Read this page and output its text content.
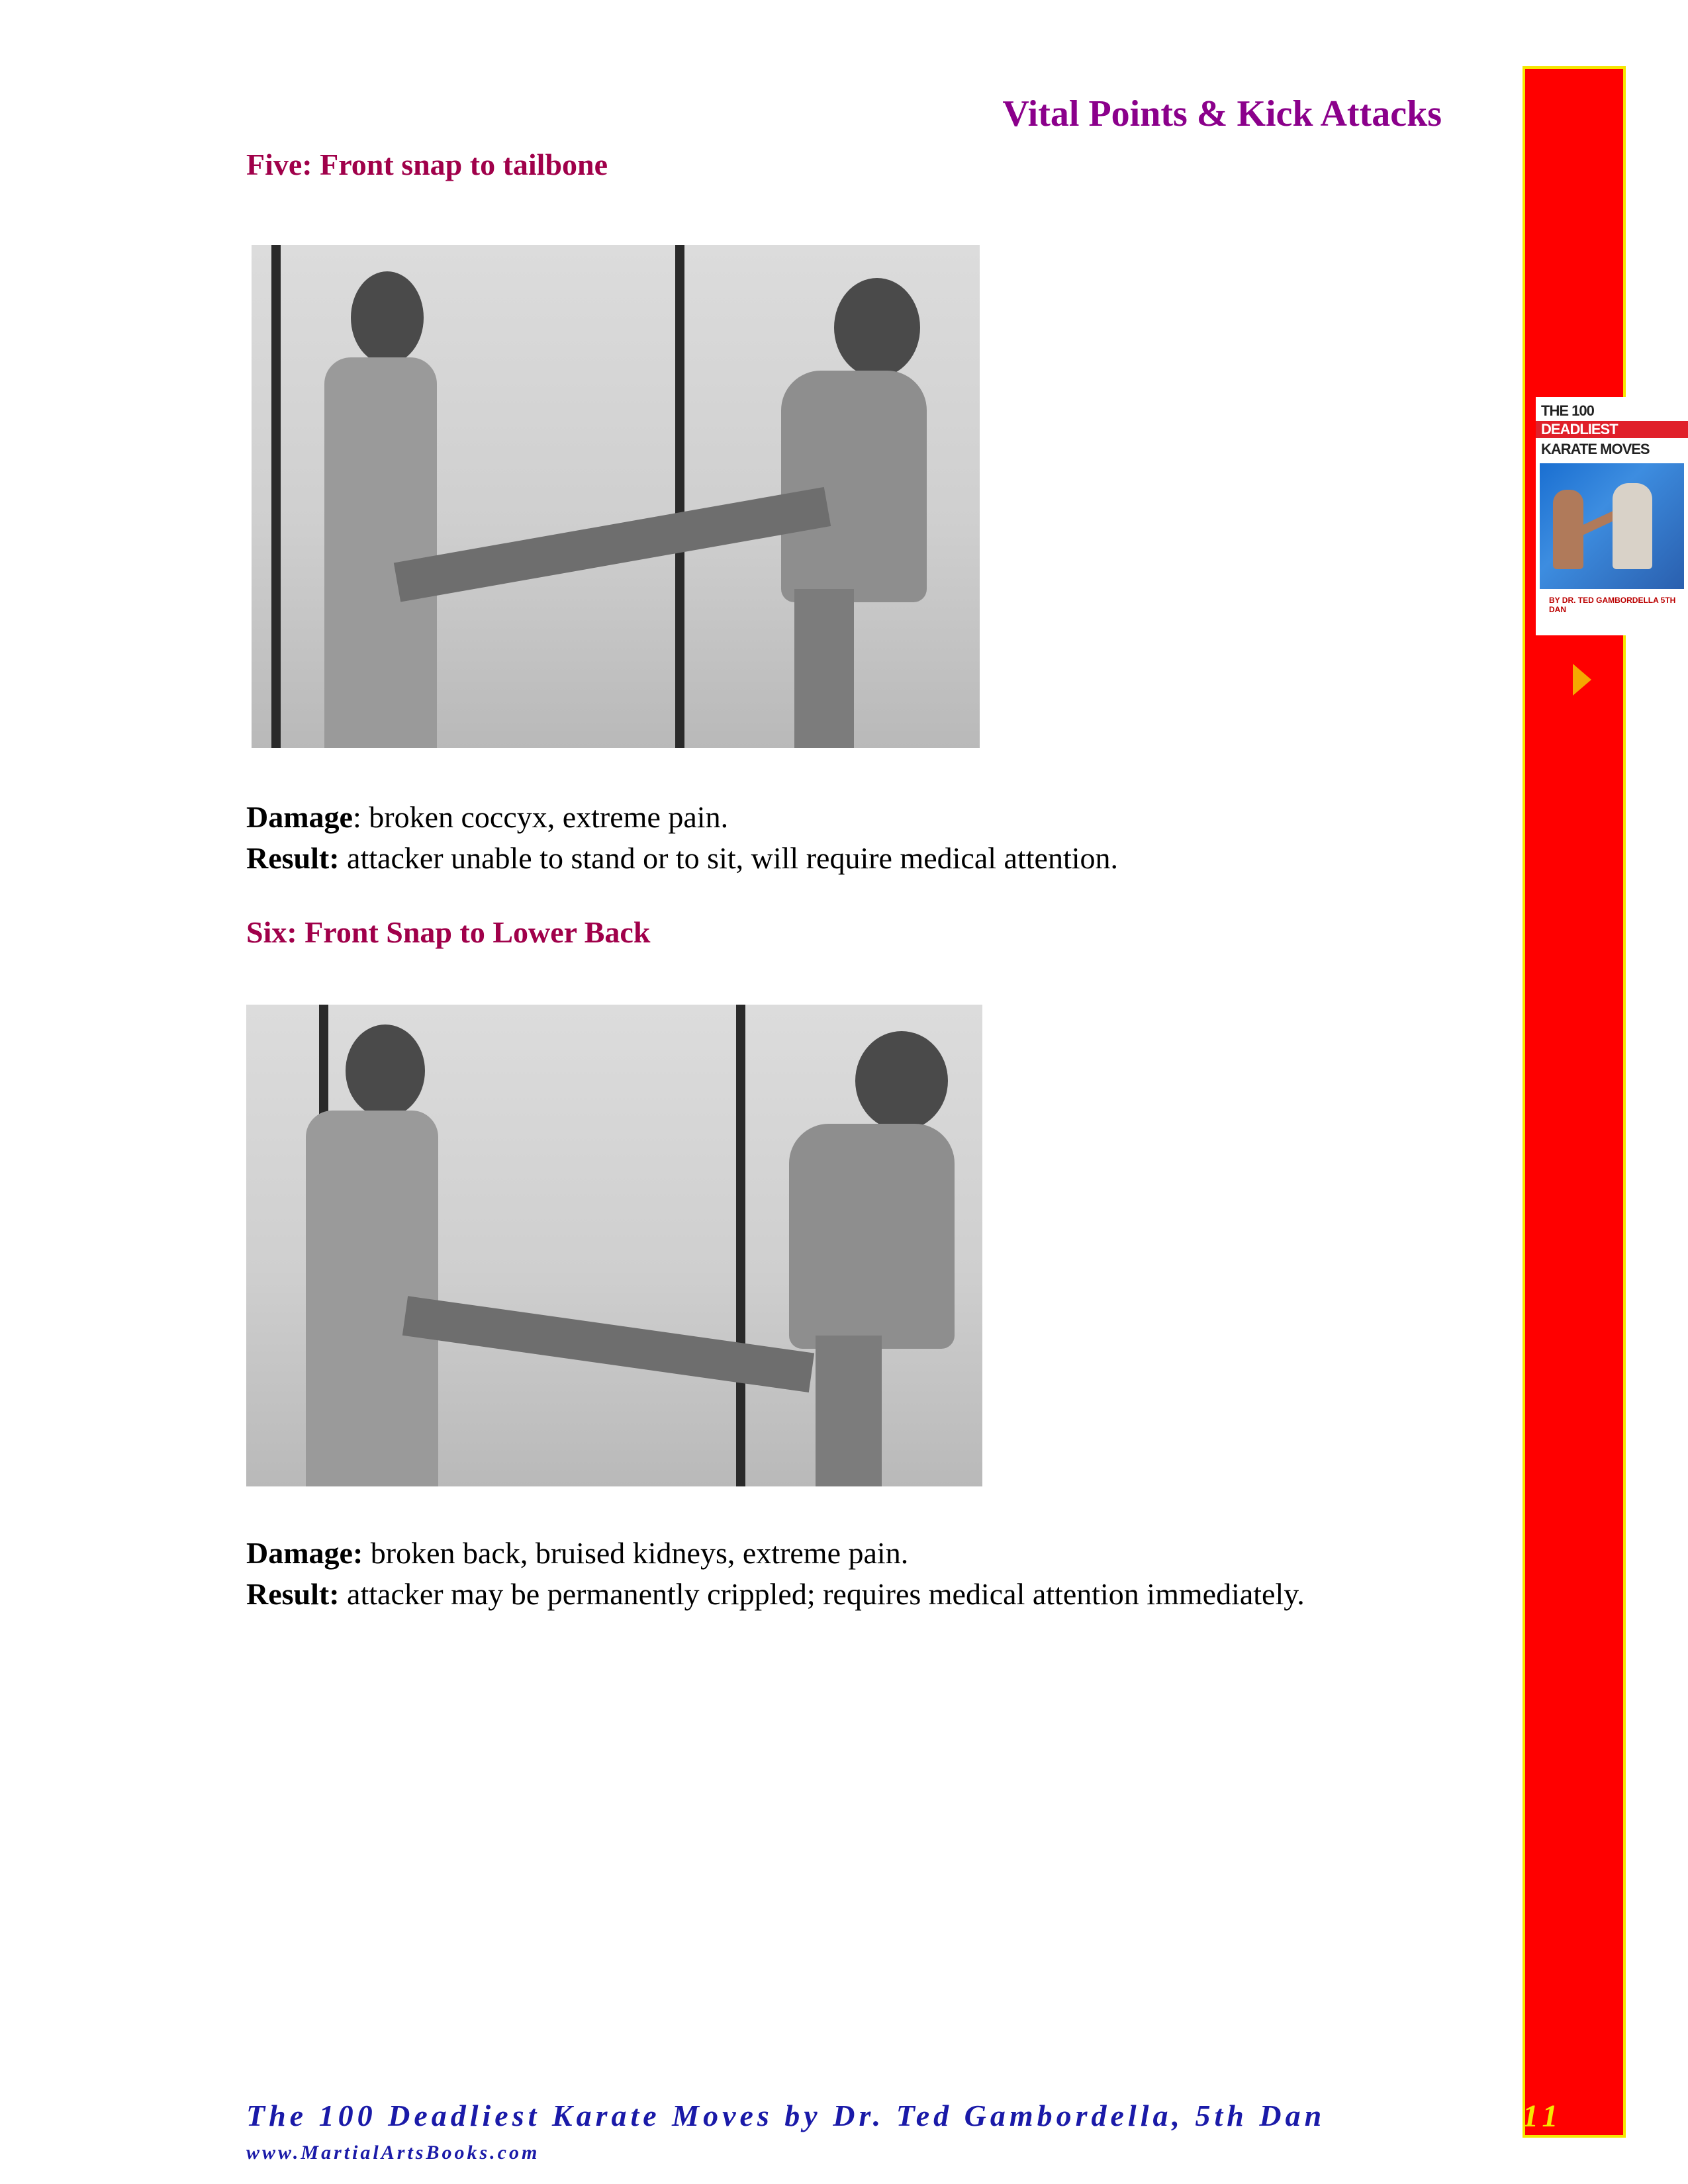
THE 100
DEADLIEST
KARATE MOVES
BY DR. TED GAMBORDELLA 5TH DAN
Vital Points & Kick Attacks
Five: Front snap to tailbone
Damage: broken coccyx, extreme pain.
Result: attacker unable to stand or to sit, will require medical attention.
Six: Front Snap to Lower Back
Damage: broken back, bruised kidneys, extreme pain.
Result: attacker may be permanently crippled; requires medical attention immediately.
The 100 Deadliest Karate Moves by Dr. Ted Gambordella, 5th Dan
www.MartialArtsBooks.com
11
